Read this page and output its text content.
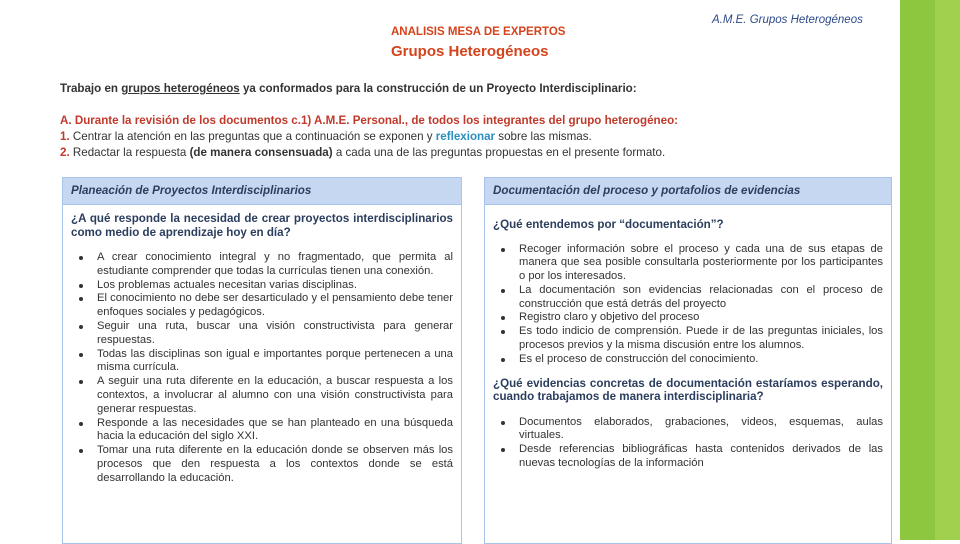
A.M.E. Grupos Heterogéneos
ANALISIS MESA DE EXPERTOS
Grupos Heterogéneos
Trabajo en grupos heterogéneos ya conformados para la construcción de un Proyecto Interdisciplinario:
A. Durante la revisión de los documentos c.1) A.M.E. Personal., de todos los integrantes del grupo heterogéneo:
1. Centrar la atención en las preguntas que a continuación se exponen y reflexionar sobre las mismas.
2. Redactar la respuesta (de manera consensuada) a cada una de las preguntas propuestas en el presente formato.
Planeación de Proyectos Interdisciplinarios
¿A qué responde la necesidad de crear proyectos interdisciplinarios como medio de aprendizaje hoy en día?
A crear conocimiento integral y no fragmentado, que permita al estudiante comprender que todas la currículas tienen una conexión.
Los problemas actuales necesitan varias disciplinas.
El conocimiento no debe ser desarticulado y el pensamiento debe tener enfoques sociales y pedagógicos.
Seguir una ruta, buscar una visión constructivista para generar respuestas.
Todas las disciplinas son igual e importantes porque pertenecen a una misma currícula.
A seguir una ruta diferente en la educación, a buscar respuesta a los contextos, a involucrar al alumno con una visión constructivista para generar respuestas.
Responde a las necesidades que se han planteado en una búsqueda hacia la educación del siglo XXI.
Tomar una ruta diferente en la educación donde se observen más los procesos que den respuesta a los contextos donde se está desarrollando la educación.
Documentación del proceso y portafolios de evidencias
¿Qué entendemos por “documentación”?
Recoger información sobre el proceso y cada una de sus etapas de manera que sea posible consultarla posteriormente por los participantes o por los interesados.
La documentación son evidencias relacionadas con el proceso de construcción que está detrás del proyecto
Registro claro y objetivo del proceso
Es todo indicio de comprensión. Puede ir de las preguntas iniciales, los procesos previos y la misma discusión entre los alumnos.
Es el proceso de construcción del conocimiento.
¿Qué evidencias concretas de documentación estaríamos esperando, cuando trabajamos de manera interdisciplinaria?
Documentos elaborados, grabaciones, videos, esquemas, aulas virtuales.
Desde referencias bibliográficas hasta contenidos derivados de las nuevas tecnologías de la información
